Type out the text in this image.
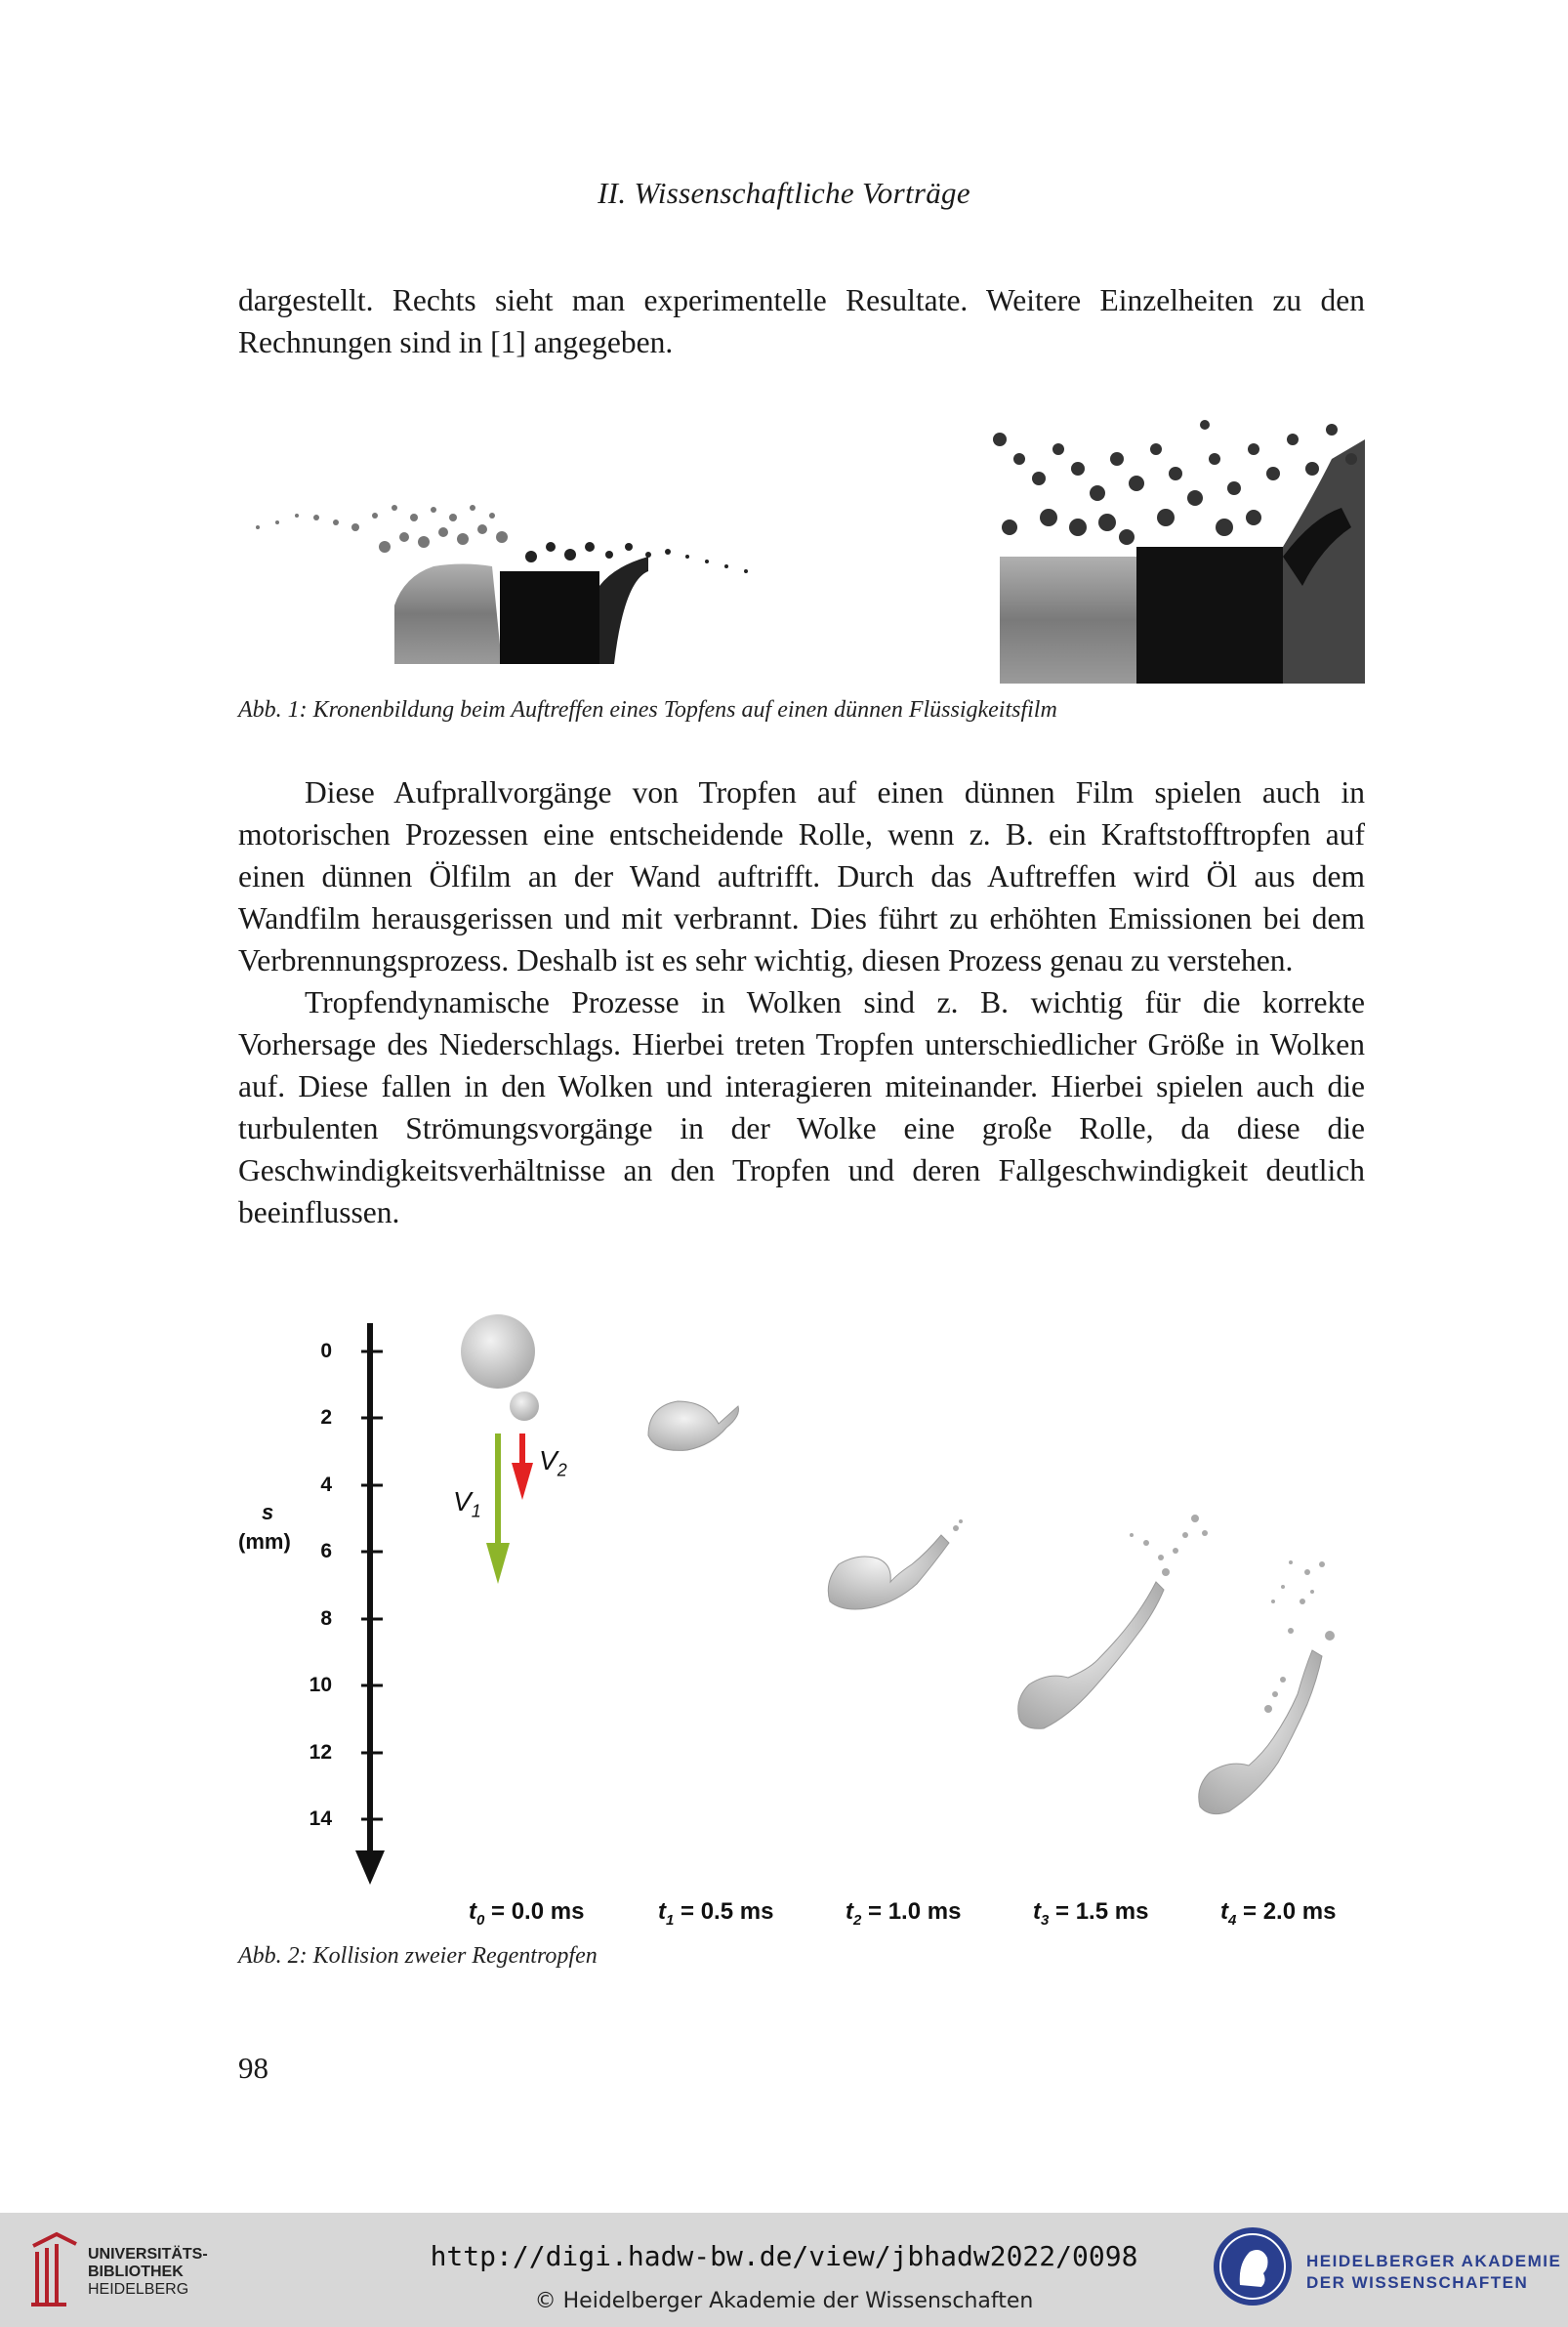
II. Wissenschaftliche Vorträge

dargestellt. Rechts sieht man experimentelle Resultate. Weitere Einzelheiten zu den Rechnungen sind in [1] angegeben.

Abb. 1: Kronenbildung beim Auftreffen eines Topfens auf einen dünnen Flüssigkeitsfilm

Diese Aufprallvorgänge von Tropfen auf einen dünnen Film spielen auch in motorischen Prozessen eine entscheidende Rolle, wenn z. B. ein Kraftstofftropfen auf einen dünnen Ölfilm an der Wand auftrifft. Durch das Auftreffen wird Öl aus dem Wandfilm herausgerissen und mit verbrannt. Dies führt zu erhöhten Emissionen bei dem Verbrennungsprozess. Deshalb ist es sehr wichtig, diesen Prozess genau zu verstehen.

Tropfendynamische Prozesse in Wolken sind z. B. wichtig für die korrekte Vorhersage des Niederschlags. Hierbei treten Tropfen unterschiedlicher Größe in Wolken auf. Diese fallen in den Wolken und interagieren miteinander. Hierbei spielen auch die turbulenten Strömungsvorgänge in der Wolke eine große Rolle, da diese die Geschwindigkeitsverhältnisse an den Tropfen und deren Fallgeschwindigkeit deutlich beeinflussen.

0
2
4
6
8
10
12
14
s
(mm)
$V_1$
$V_2$
$t_0 = 0.0$ ms	$t_1 = 0.5$ ms	$t_2 = 1.0$ ms	$t_3 = 1.5$ ms	$t_4 = 2.0$ ms
Abb. 2: Kollision zweier Regentropfen
98
UNIVERSITÄTS-
BIBLIOTHEK
HEIDELBERG
http://digi.hadw-bw.de/view/jbhadw2022/0098
© Heidelberger Akademie der Wissenschaften
HEIDELBERGER AKADEMIE
DER WISSENSCHAFTEN
